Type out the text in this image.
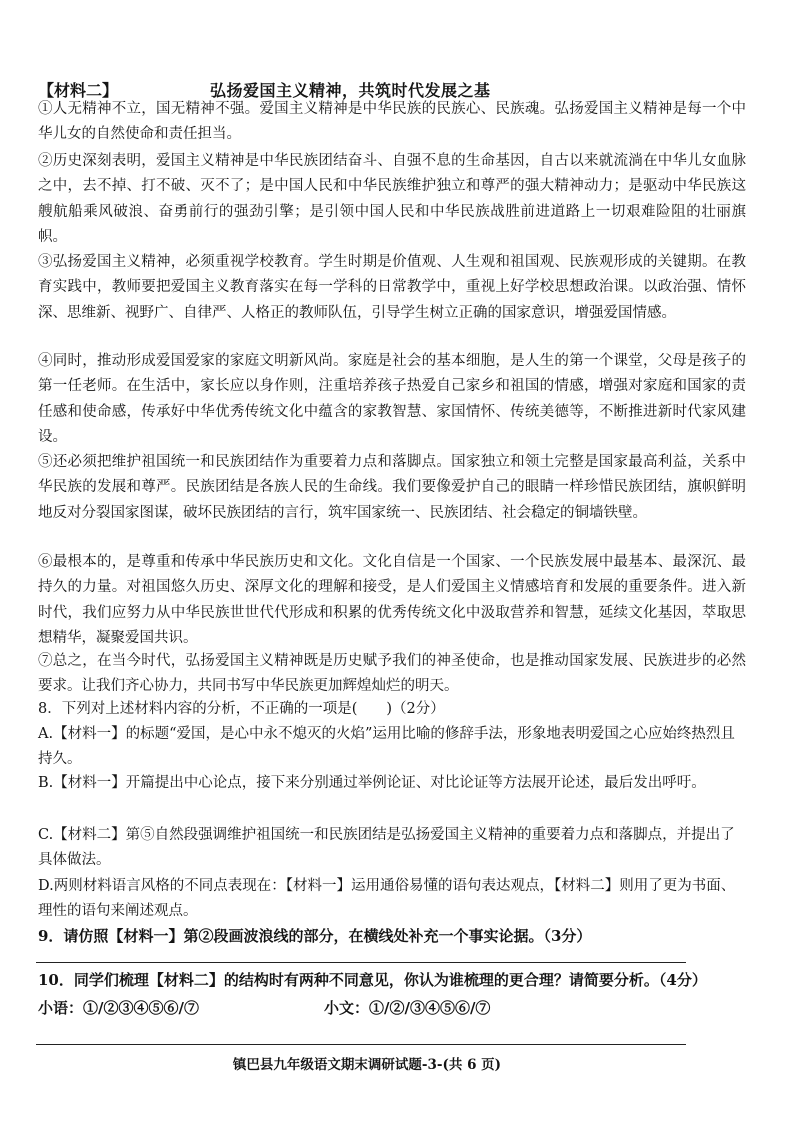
【材料二】	弘扬爱国主义精神，共筑时代发展之基

①人无精神不立，国无精神不强。爱国主义精神是中华民族的民族心、民族魂。弘扬爱国主义精神是每一个中华儿女的自然使命和责任担当。

②历史深刻表明，爱国主义精神是中华民族团结奋斗、自强不息的生命基因，自古以来就流淌在中华儿女血脉之中，去不掉、打不破、灭不了；是中国人民和中华民族维护独立和尊严的强大精神动力；是驱动中华民族这艘航船乘风破浪、奋勇前行的强劲引擎；是引领中国人民和中华民族战胜前进道路上一切艰难险阻的壮丽旗帜。

③弘扬爱国主义精神，必须重视学校教育。学生时期是价值观、人生观和祖国观、民族观形成的关键期。在教育实践中，教师要把爱国主义教育落实在每一学科的日常教学中，重视上好学校思想政治课。以政治强、情怀深、思维新、视野广、自律严、人格正的教师队伍，引导学生树立正确的国家意识，增强爱国情感。

④同时，推动形成爱国爱家的家庭文明新风尚。家庭是社会的基本细胞，是人生的第一个课堂，父母是孩子的第一任老师。在生活中，家长应以身作则，注重培养孩子热爱自己家乡和祖国的情感，增强对家庭和国家的责任感和使命感，传承好中华优秀传统文化中蕴含的家教智慧、家国情怀、传统美德等，不断推进新时代家风建设。

⑤还必须把维护祖国统一和民族团结作为重要着力点和落脚点。国家独立和领土完整是国家最高利益，关系中华民族的发展和尊严。民族团结是各族人民的生命线。我们要像爱护自己的眼睛一样珍惜民族团结，旗帜鲜明地反对分裂国家图谋，破坏民族团结的言行，筑牢国家统一、民族团结、社会稳定的铜墙铁壁。

⑥最根本的，是尊重和传承中华民族历史和文化。文化自信是一个国家、一个民族发展中最基本、最深沉、最持久的力量。对祖国悠久历史、深厚文化的理解和接受，是人们爱国主义情感培育和发展的重要条件。进入新时代，我们应努力从中华民族世世代代形成和积累的优秀传统文化中汲取营养和智慧，延续文化基因，萃取思想精华，凝聚爱国共识。

⑦总之，在当今时代，弘扬爱国主义精神既是历史赋予我们的神圣使命，也是推动国家发展、民族进步的必然要求。让我们齐心协力，共同书写中华民族更加辉煌灿烂的明天。

8．下列对上述材料内容的分析，不正确的一项是(　　)（2分）
A.【材料一】的标题“爱国，是心中永不熄灭的火焰”运用比喻的修辞手法，形象地表明爱国之心应始终热烈且持久。
B.【材料一】开篇提出中心论点，接下来分别通过举例论证、对比论证等方法展开论述，最后发出呼吁。
C.【材料二】第⑤自然段强调维护祖国统一和民族团结是弘扬爱国主义精神的重要着力点和落脚点，并提出了具体做法。
D.两则材料语言风格的不同点表现在：【材料一】运用通俗易懂的语句表达观点，【材料二】则用了更为书面、理性的语句来阐述观点。
9．请仿照【材料一】第②段画波浪线的部分，在横线处补充一个事实论据。（3分）
10．同学们梳理【材料二】的结构时有两种不同意见，你认为谁梳理的更合理？请简要分析。（4分）
小语：①/②③④⑤⑥/⑦	小文：①/②/③④⑤⑥/⑦
镇巴县九年级语文期末调研试题-3-(共 6 页)
